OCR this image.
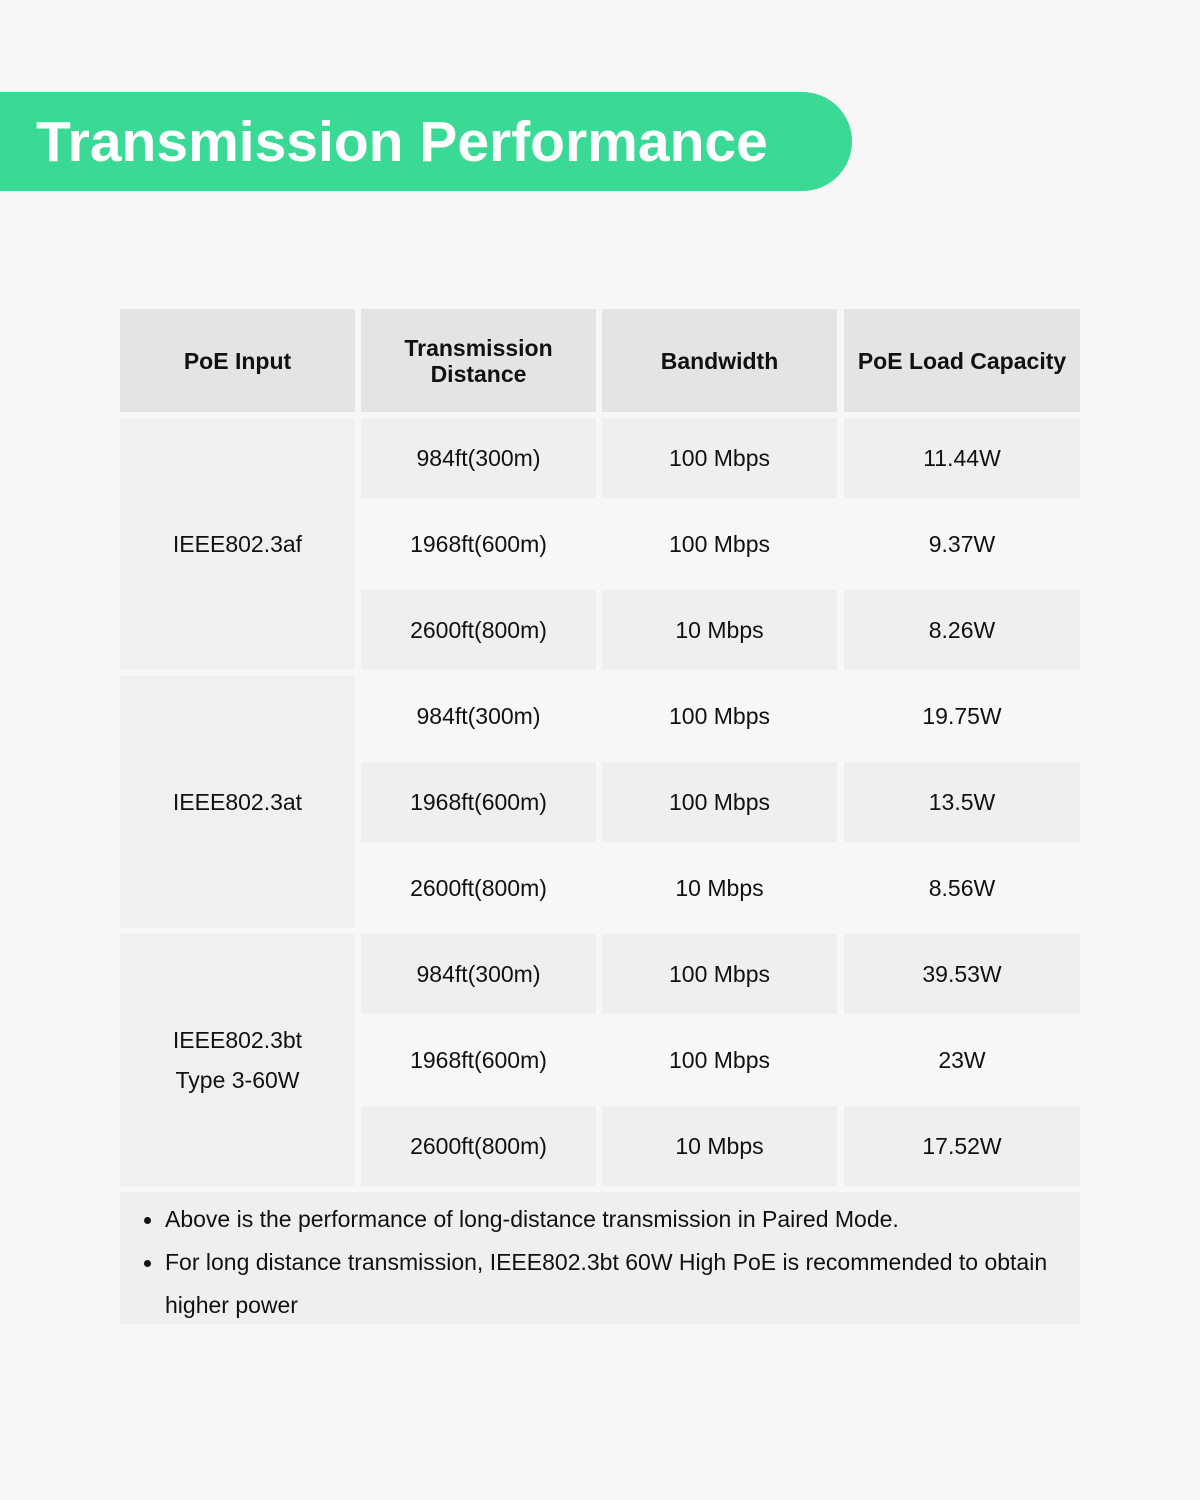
Transmission Performance
PoE Input	Transmission Distance	Bandwidth	PoE Load Capacity
IEEE802.3af
984ft(300m)	100 Mbps	11.44W
1968ft(600m)	100 Mbps	9.37W
2600ft(800m)	10 Mbps	8.26W
IEEE802.3at
984ft(300m)	100 Mbps	19.75W
1968ft(600m)	100 Mbps	13.5W
2600ft(800m)	10 Mbps	8.56W
IEEE802.3bt
Type 3-60W
984ft(300m)	100 Mbps	39.53W
1968ft(600m)	100 Mbps	23W
2600ft(800m)	10 Mbps	17.52W
Above is the performance of long-distance transmission in Paired Mode.
For long distance transmission, IEEE802.3bt 60W High PoE is recommended to obtain higher power
